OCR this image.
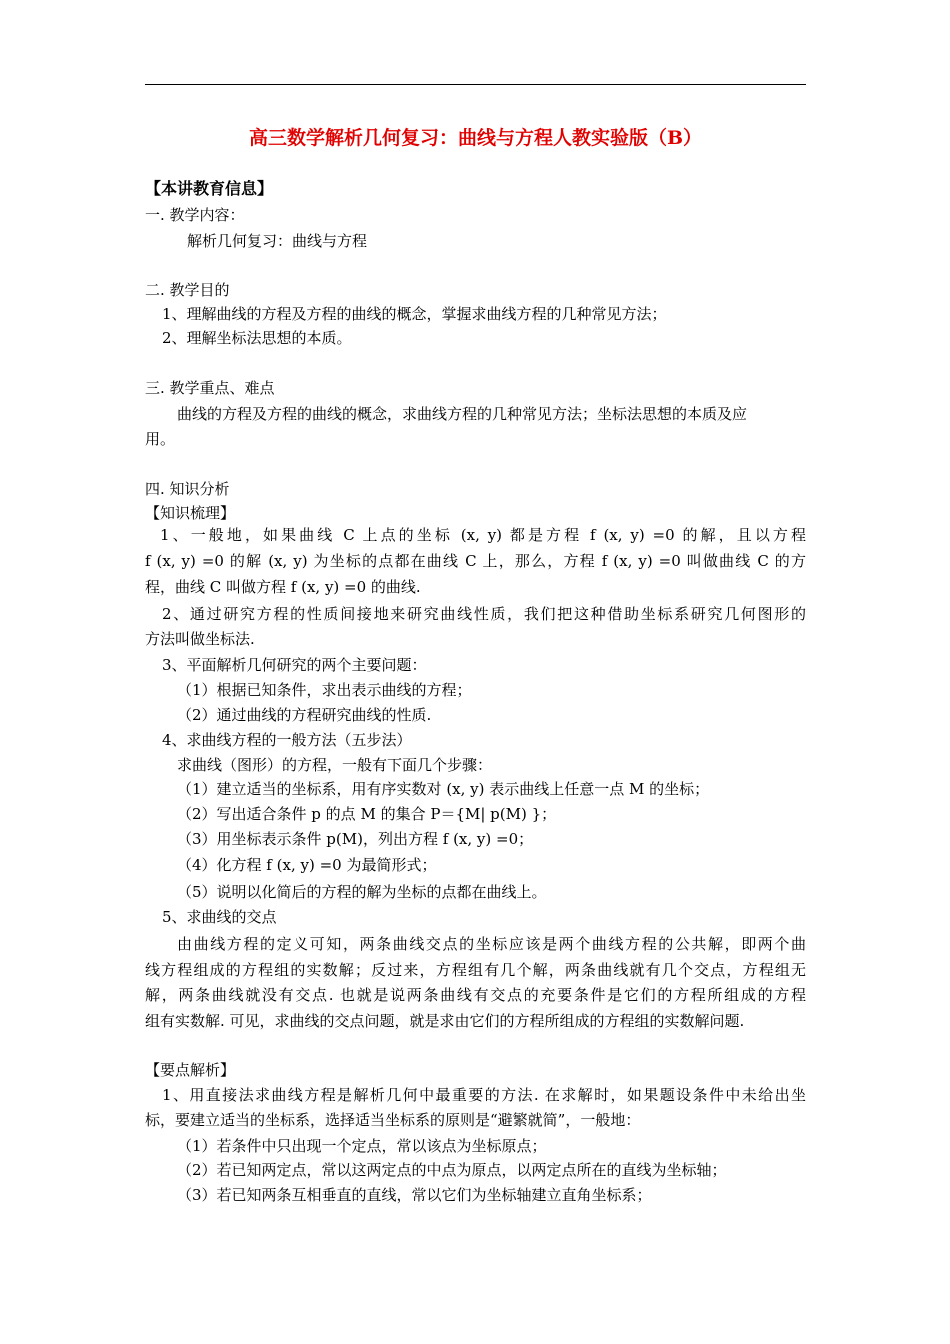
高三数学解析几何复习：曲线与方程人教实验版（B）
【本讲教育信息】
一. 教学内容：
解析几何复习：曲线与方程
二. 教学目的
1、理解曲线的方程及方程的曲线的概念，掌握求曲线方程的几种常见方法；
2、理解坐标法思想的本质。
三. 教学重点、难点
曲线的方程及方程的曲线的概念，求曲线方程的几种常见方法；坐标法思想的本质及应
用。
四. 知识分析
【知识梳理】
1、一般地，如果曲线 C 上点的坐标 (x, y) 都是方程 f (x, y) =0 的解，且以方程
f (x, y) =0 的解 (x, y) 为坐标的点都在曲线 C 上，那么，方程 f (x, y) =0 叫做曲线 C 的方
程，曲线 C 叫做方程 f (x, y) =0 的曲线.
2、通过研究方程的性质间接地来研究曲线性质，我们把这种借助坐标系研究几何图形的
方法叫做坐标法.
3、平面解析几何研究的两个主要问题：
（1）根据已知条件，求出表示曲线的方程；
（2）通过曲线的方程研究曲线的性质.
4、求曲线方程的一般方法（五步法）
求曲线（图形）的方程，一般有下面几个步骤：
（1）建立适当的坐标系，用有序实数对 (x, y) 表示曲线上任意一点 M 的坐标；
（2）写出适合条件 p 的点 M 的集合 P＝{M| p(M) }；
（3）用坐标表示条件 p(M)，列出方程 f (x, y) =0；
（4）化方程 f (x, y) =0 为最简形式；
（5）说明以化简后的方程的解为坐标的点都在曲线上。
5、求曲线的交点
由曲线方程的定义可知，两条曲线交点的坐标应该是两个曲线方程的公共解，即两个曲
线方程组成的方程组的实数解；反过来，方程组有几个解，两条曲线就有几个交点，方程组无
解，两条曲线就没有交点. 也就是说两条曲线有交点的充要条件是它们的方程所组成的方程
组有实数解. 可见，求曲线的交点问题，就是求由它们的方程所组成的方程组的实数解问题.
【要点解析】
1、用直接法求曲线方程是解析几何中最重要的方法. 在求解时，如果题设条件中未给出坐
标，要建立适当的坐标系，选择适当坐标系的原则是“避繁就简”，一般地：
（1）若条件中只出现一个定点，常以该点为坐标原点；
（2）若已知两定点，常以这两定点的中点为原点，以两定点所在的直线为坐标轴；
（3）若已知两条互相垂直的直线，常以它们为坐标轴建立直角坐标系；
